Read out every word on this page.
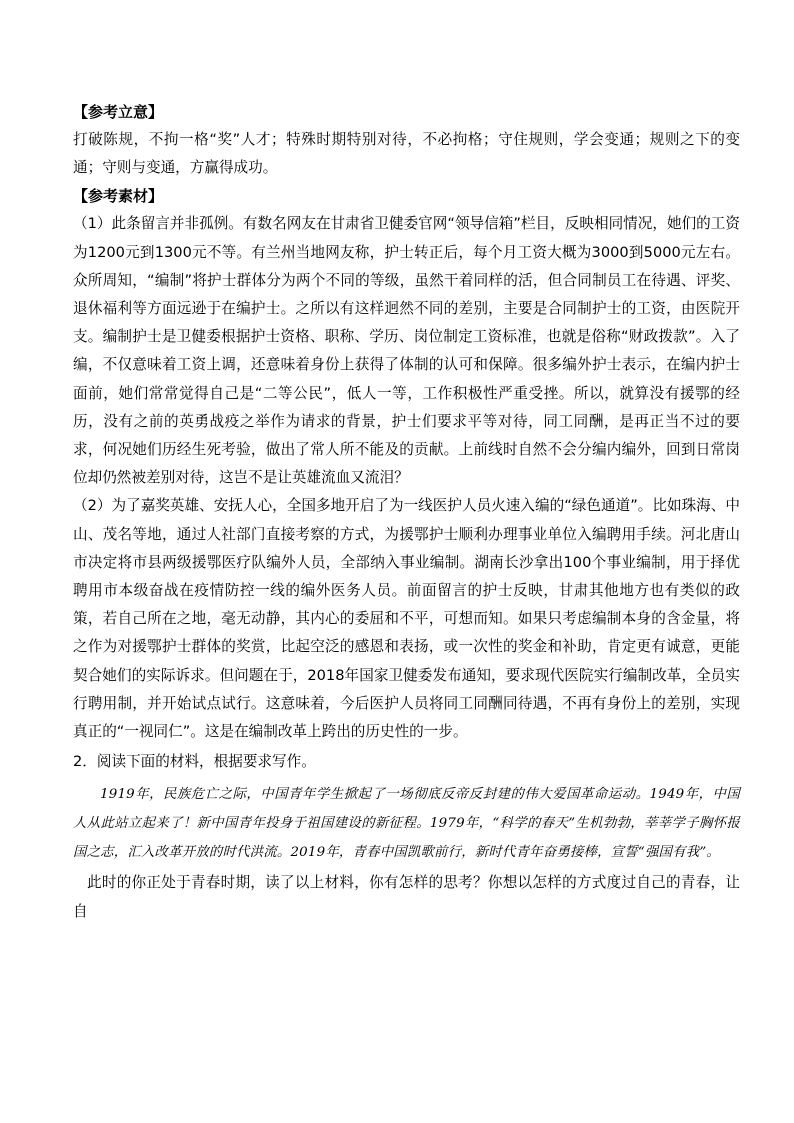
【参考立意】

打破陈规，不拘一格“奖”人才；特殊时期特别对待，不必拘格；守住规则，学会变通；规则之下的变通；守则与变通，方赢得成功。

【参考素材】

（1）此条留言并非孤例。有数名网友在甘肃省卫健委官网“领导信箱”栏目，反映相同情况，她们的工资为1200元到1300元不等。有兰州当地网友称，护士转正后，每个月工资大概为3000到5000元左右。众所周知，“编制”将护士群体分为两个不同的等级，虽然干着同样的活，但合同制员工在待遇、评奖、退休福利等方面远逊于在编护士。之所以有这样迥然不同的差别，主要是合同制护士的工资，由医院开支。编制护士是卫健委根据护士资格、职称、学历、岗位制定工资标准，也就是俗称“财政拨款”。入了编，不仅意味着工资上调，还意味着身份上获得了体制的认可和保障。很多编外护士表示，在编内护士面前，她们常常觉得自己是“二等公民”，低人一等，工作积极性严重受挫。所以，就算没有援鄂的经历，没有之前的英勇战疫之举作为请求的背景，护士们要求平等对待，同工同酬，是再正当不过的要求，何况她们历经生死考验，做出了常人所不能及的贡献。上前线时自然不会分编内编外，回到日常岗位却仍然被差别对待，这岂不是让英雄流血又流泪？

（2）为了嘉奖英雄、安抚人心，全国多地开启了为一线医护人员火速入编的“绿色通道”。比如珠海、中山、茂名等地，通过人社部门直接考察的方式，为援鄂护士顺利办理事业单位入编聘用手续。河北唐山市决定将市县两级援鄂医疗队编外人员，全部纳入事业编制。湖南长沙拿出100个事业编制，用于择优聘用市本级奋战在疫情防控一线的编外医务人员。前面留言的护士反映，甘肃其他地方也有类似的政策，若自己所在之地，毫无动静，其内心的委屈和不平，可想而知。如果只考虑编制本身的含金量，将之作为对援鄂护士群体的奖赏，比起空泛的感恩和表扬，或一次性的奖金和补助，肯定更有诚意，更能契合她们的实际诉求。但问题在于，2018年国家卫健委发布通知，要求现代医院实行编制改革，全员实行聘用制，并开始试点试行。这意味着，今后医护人员将同工同酬同待遇，不再有身份上的差别，实现真正的“一视同仁”。这是在编制改革上跨出的历史性的一步。

2．阅读下面的材料，根据要求写作。

1919年，民族危亡之际，中国青年学生掀起了一场彻底反帝反封建的伟大爱国革命运动。1949年，中国人从此站立起来了！新中国青年投身于祖国建设的新征程。1979年，“科学的春天”生机勃勃，莘莘学子胸怀报国之志，汇入改革开放的时代洪流。2019年，青春中国凯歌前行，新时代青年奋勇接棒，宣誓“强国有我”。

此时的你正处于青春时期，读了以上材料，你有怎样的思考？你想以怎样的方式度过自己的青春，让自
